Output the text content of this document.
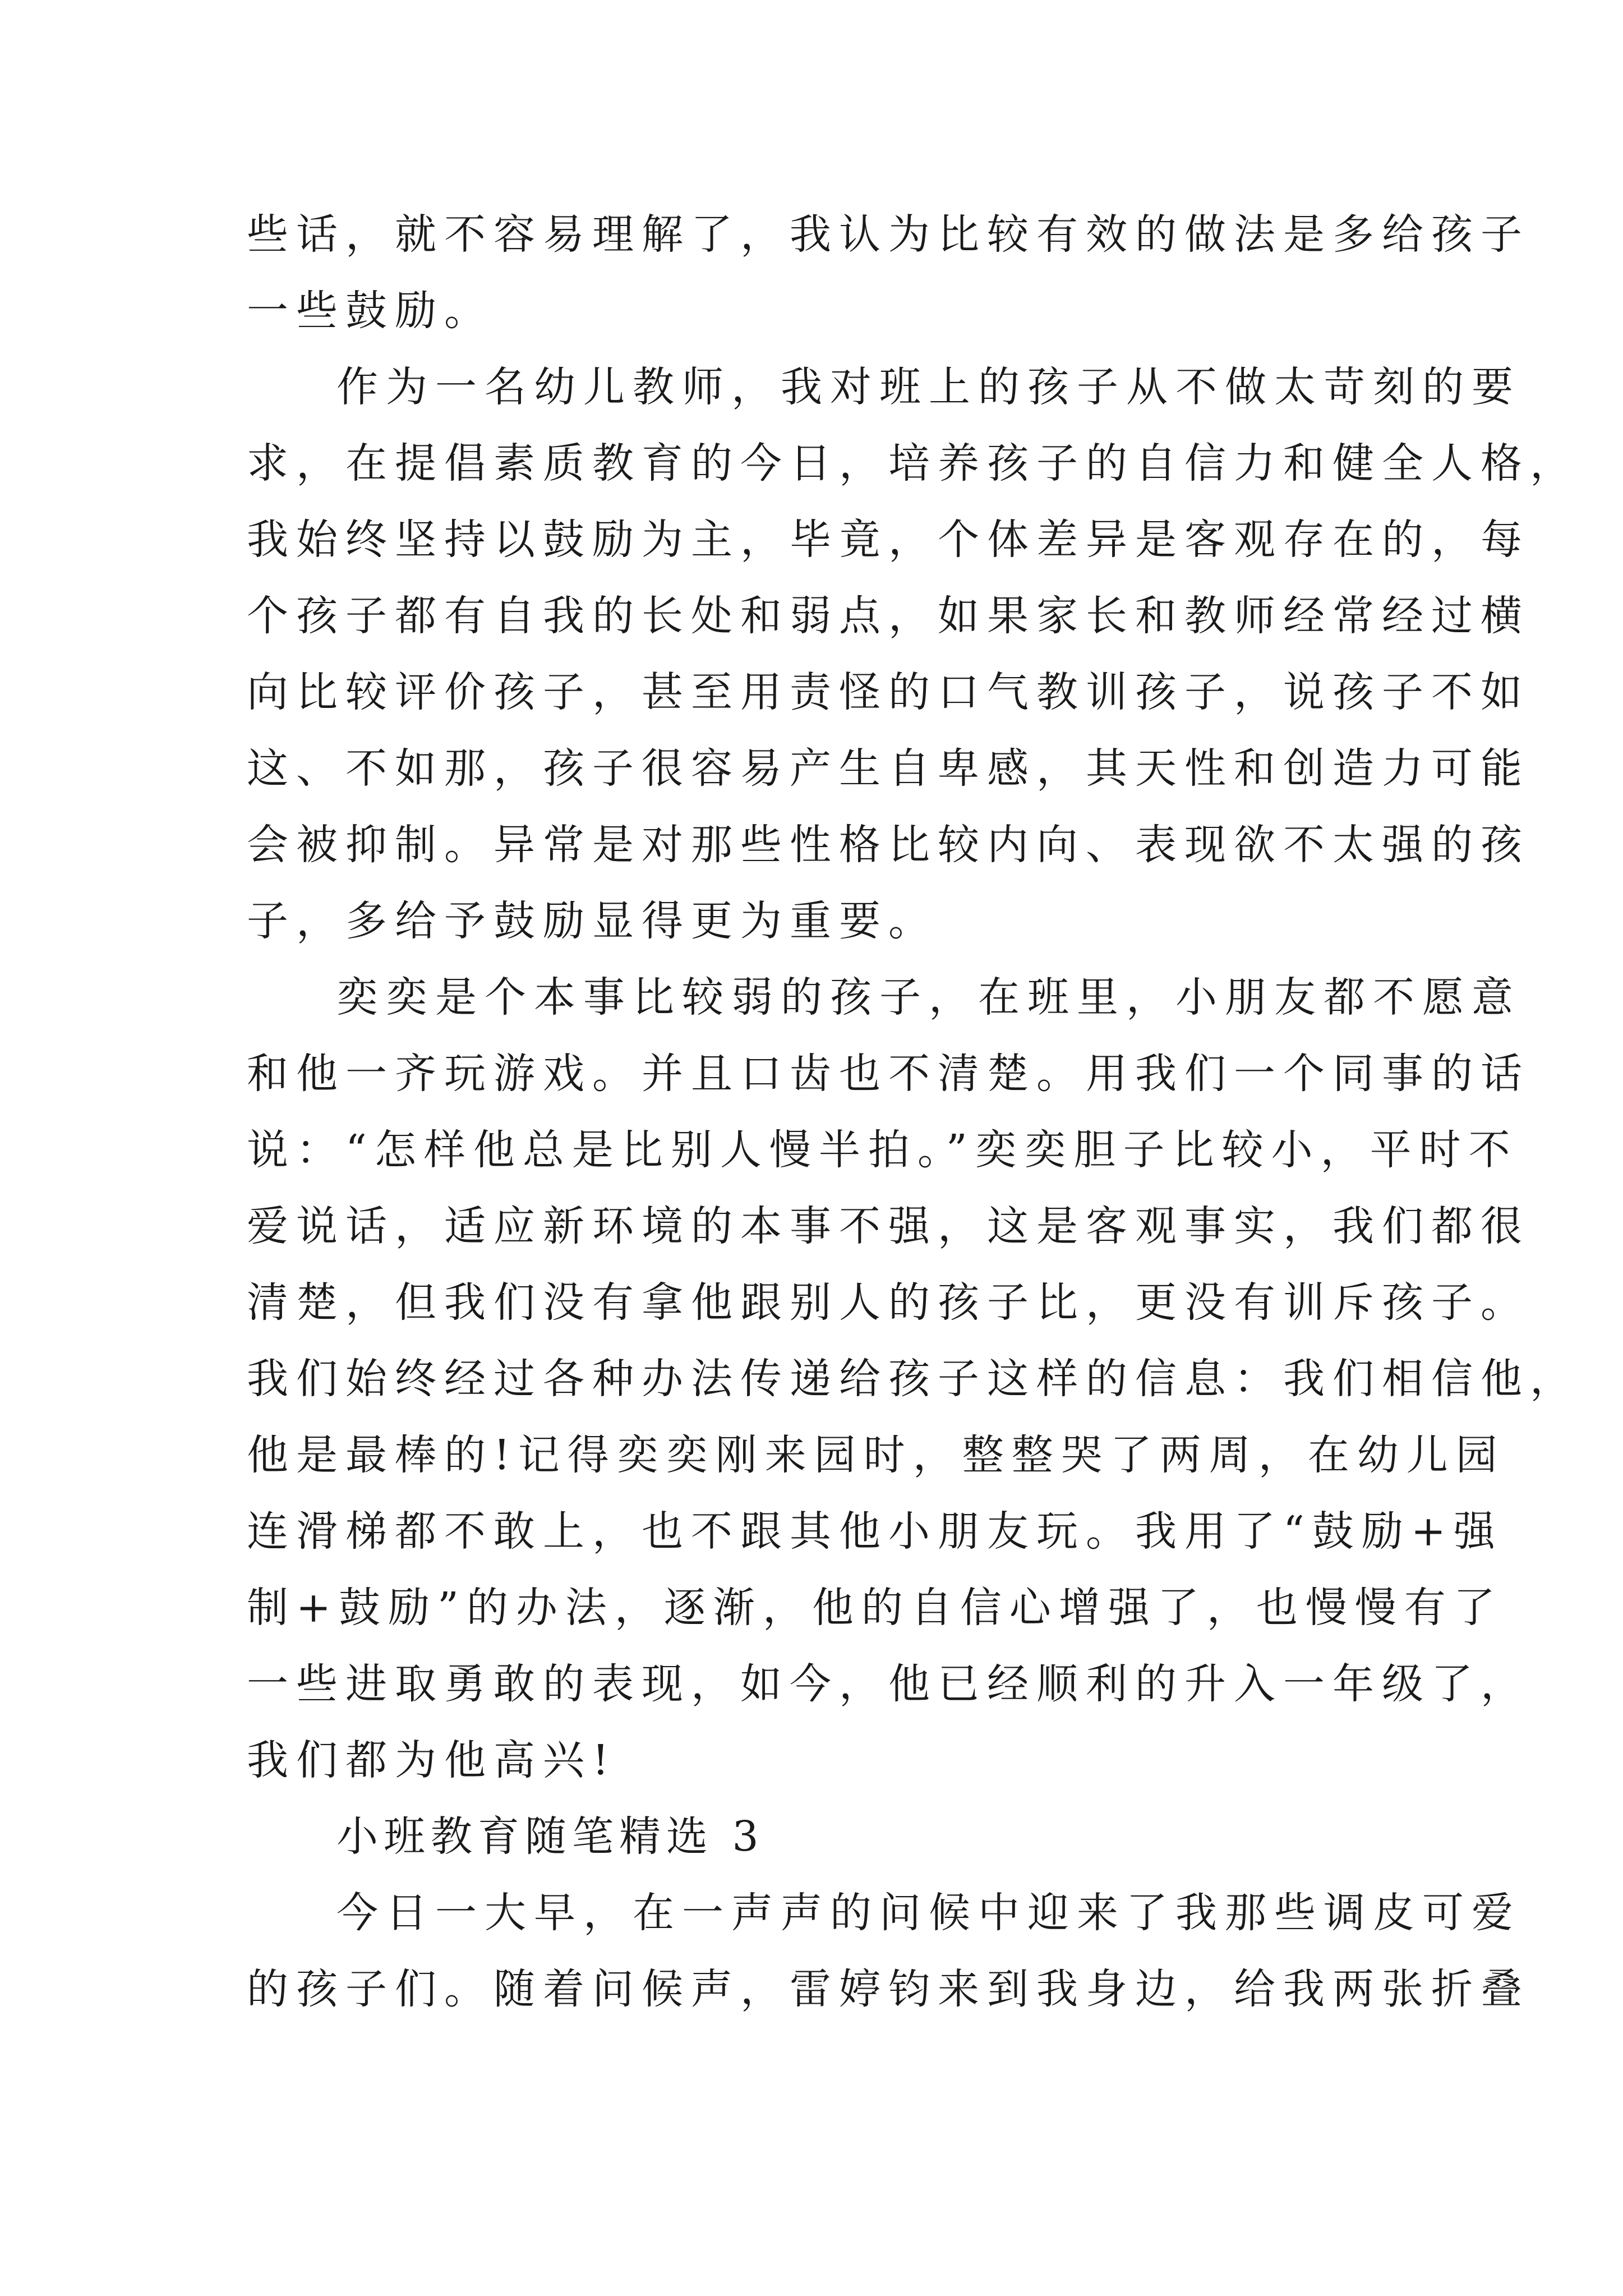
些话，就不容易理解了，我认为比较有效的做法是多给孩子
一些鼓励。
作为一名幼儿教师，我对班上的孩子从不做太苛刻的要
求，在提倡素质教育的今日，培养孩子的自信力和健全人格，
我始终坚持以鼓励为主，毕竟，个体差异是客观存在的，每
个孩子都有自我的长处和弱点，如果家长和教师经常经过横
向比较评价孩子，甚至用责怪的口气教训孩子，说孩子不如
这、不如那，孩子很容易产生自卑感，其天性和创造力可能
会被抑制。异常是对那些性格比较内向、表现欲不太强的孩
子，多给予鼓励显得更为重要。
奕奕是个本事比较弱的孩子，在班里，小朋友都不愿意
和他一齐玩游戏。并且口齿也不清楚。用我们一个同事的话
说：“怎样他总是比别人慢半拍。”奕奕胆子比较小，平时不
爱说话，适应新环境的本事不强，这是客观事实，我们都很
清楚，但我们没有拿他跟别人的孩子比，更没有训斥孩子。
我们始终经过各种办法传递给孩子这样的信息：我们相信他，
他是最棒的!记得奕奕刚来园时，整整哭了两周，在幼儿园
连滑梯都不敢上，也不跟其他小朋友玩。我用了“鼓励+强
制+鼓励”的办法，逐渐，他的自信心增强了，也慢慢有了
一些进取勇敢的表现，如今，他已经顺利的升入一年级了，
我们都为他高兴!
小班教育随笔精选 3
今日一大早，在一声声的问候中迎来了我那些调皮可爱
的孩子们。随着问候声，雷婷钧来到我身边，给我两张折叠
